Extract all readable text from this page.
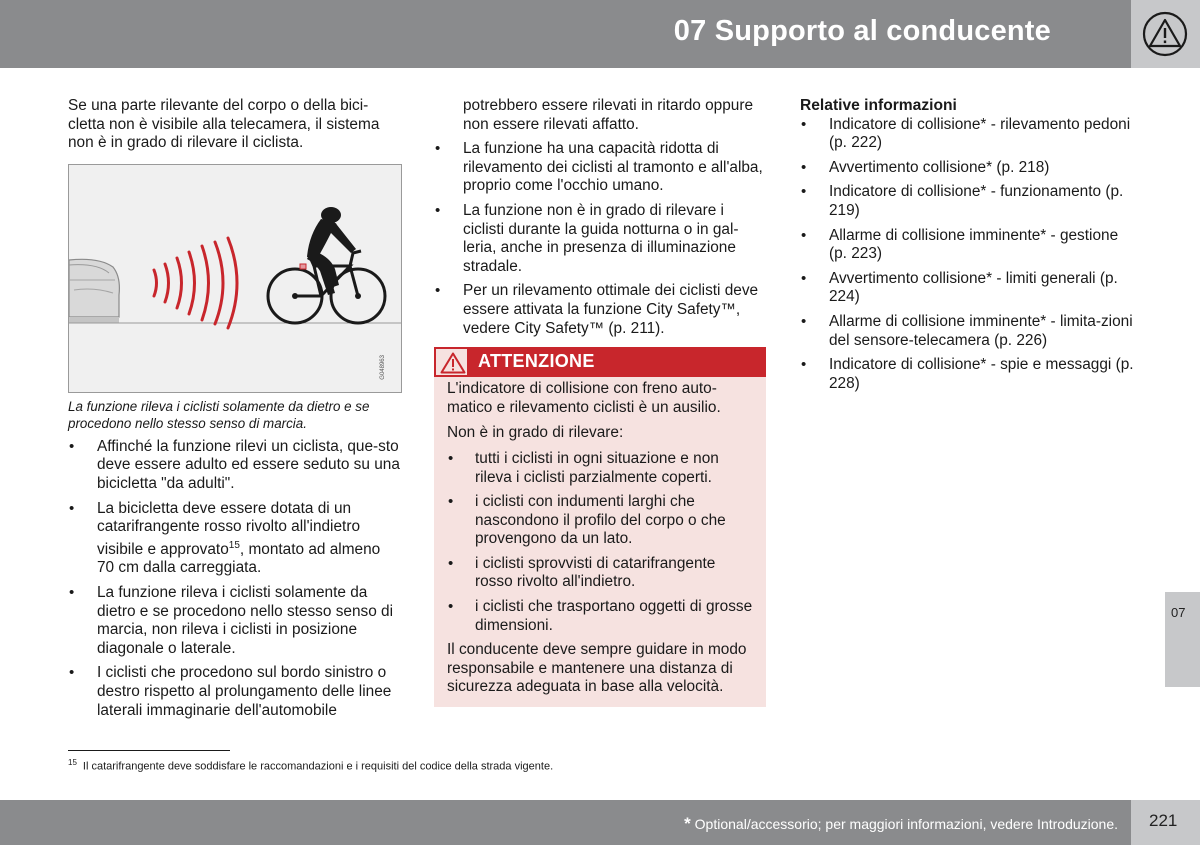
07 Supporto al conducente

Se una parte rilevante del corpo o della bici-cletta non è visibile alla telecamera, il sistema non è in grado di rilevare il ciclista.

G048963

La funzione rileva i ciclisti solamente da dietro e se procedono nello stesso senso di marcia.

• Affinché la funzione rilevi un ciclista, que-sto deve essere adulto ed essere seduto su una bicicletta "da adulti".
• La bicicletta deve essere dotata di un catarifrangente rosso rivolto all'indietro visibile e approvato$^{15}$, montato ad almeno 70 cm dalla carreggiata.
• La funzione rileva i ciclisti solamente da dietro e se procedono nello stesso senso di marcia, non rileva i ciclisti in posizione diagonale o laterale.
• I ciclisti che procedono sul bordo sinistro o destro rispetto al prolungamento delle linee laterali immaginarie dell'automobile

potrebbero essere rilevati in ritardo oppure non essere rilevati affatto.

• La funzione ha una capacità ridotta di rilevamento dei ciclisti al tramonto e all'alba, proprio come l'occhio umano.
• La funzione non è in grado di rilevare i ciclisti durante la guida notturna o in gal-leria, anche in presenza di illuminazione stradale.
• Per un rilevamento ottimale dei ciclisti deve essere attivata la funzione City Safety™, vedere City Safety™ (p. 211).
ATTENZIONE

L'indicatore di collisione con freno auto-matico e rilevamento ciclisti è un ausilio.

Non è in grado di rilevare:

• tutti i ciclisti in ogni situazione e non rileva i ciclisti parzialmente coperti.
• i ciclisti con indumenti larghi che nascondono il profilo del corpo o che provengono da un lato.
• i ciclisti sprovvisti di catarifrangente rosso rivolto all'indietro.
• i ciclisti che trasportano oggetti di grosse dimensioni.

Il conducente deve sempre guidare in modo responsabile e mantenere una distanza di sicurezza adeguata in base alla velocità.

Relative informazioni
• Indicatore di collisione* - rilevamento pedoni (p. 222)
• Avvertimento collisione* (p. 218)
• Indicatore di collisione* - funzionamento (p. 219)
• Allarme di collisione imminente* - gestione (p. 223)
• Avvertimento collisione* - limiti generali (p. 224)
• Allarme di collisione imminente* - limita-zioni del sensore-telecamera (p. 226)
• Indicatore di collisione* - spie e messaggi (p. 228)
$^{15}$ Il catarifrangente deve soddisfare le raccomandazioni e i requisiti del codice della strada vigente.
07
* Optional/accessorio; per maggiori informazioni, vedere Introduzione. 221
